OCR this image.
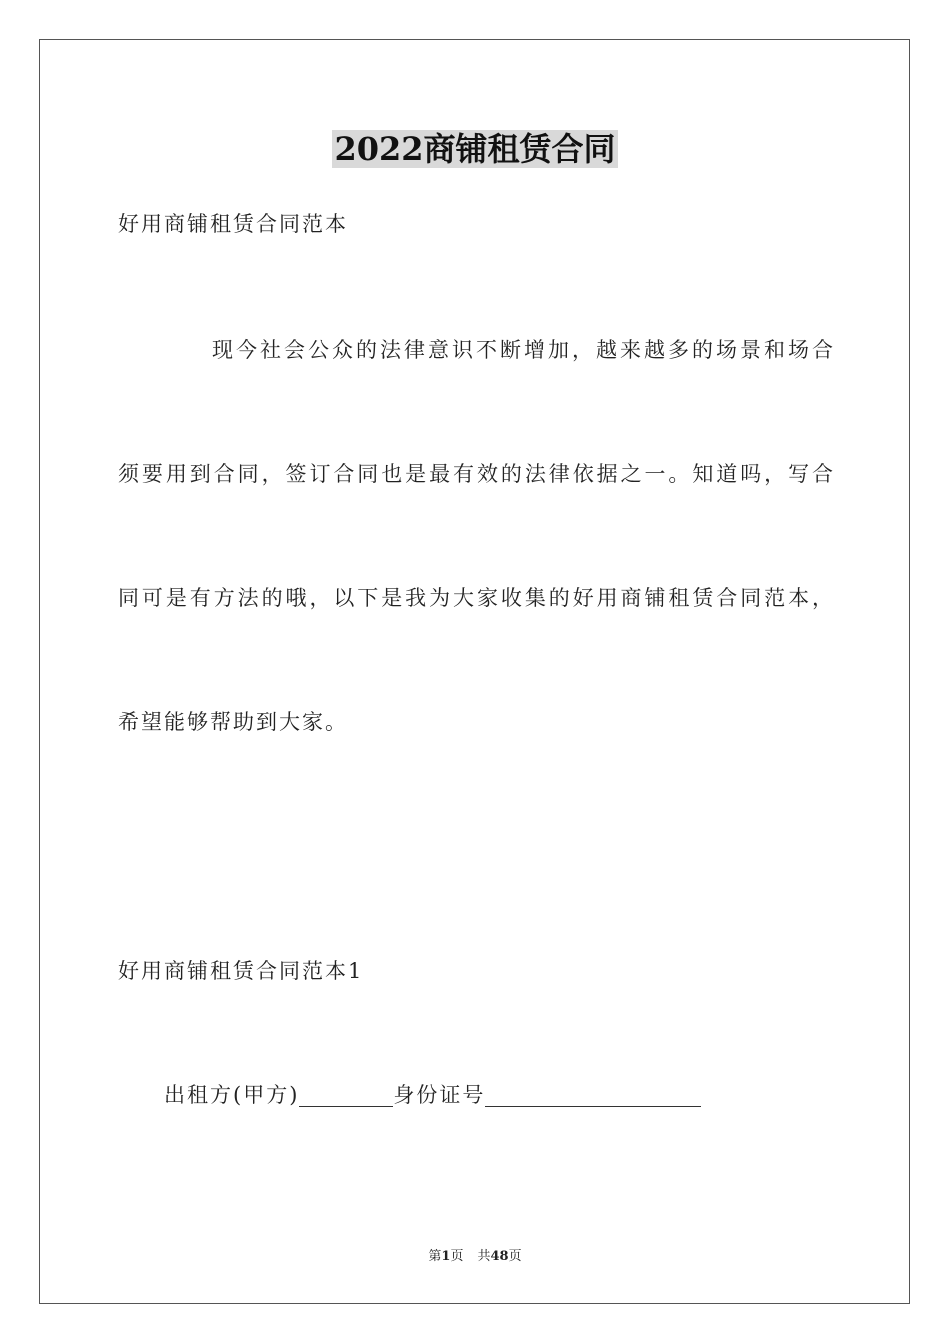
2022商铺租赁合同
好用商铺租赁合同范本
现今社会公众的法律意识不断增加，越来越多的场景和场合
须要用到合同，签订合同也是最有效的法律依据之一。知道吗，写合
同可是有方法的哦，以下是我为大家收集的好用商铺租赁合同范本，
希望能够帮助到大家。
好用商铺租赁合同范本1
出租方(甲方)	身份证号
第1页 共48页
